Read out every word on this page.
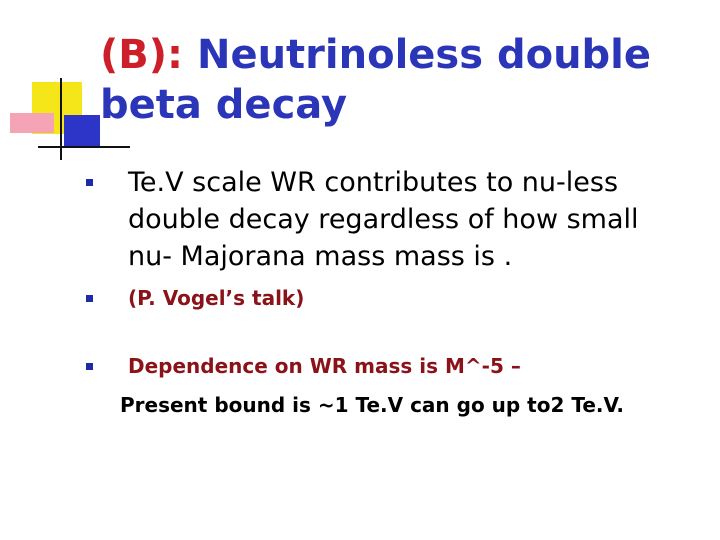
(B): Neutrinoless double beta decay
Te.V scale WR contributes to nu-less double decay regardless of how small nu- Majorana mass mass is .
(P. Vogel’s talk)
Dependence on WR mass is M^-5 –
Present bound is ~1 Te.V can go up to2 Te.V.
